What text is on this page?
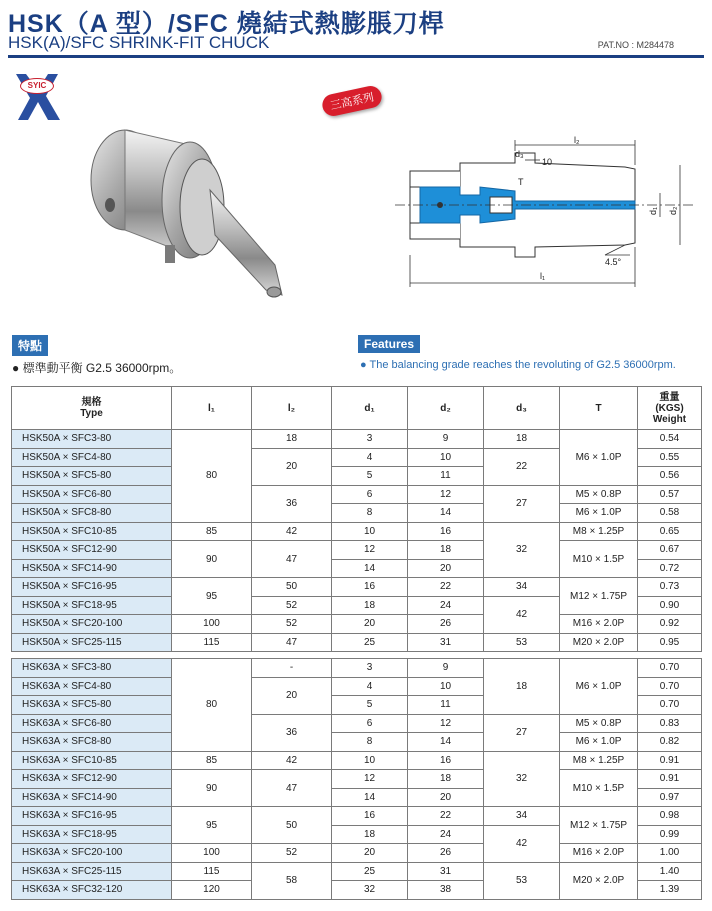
HSK（A 型）/SFC 燒結式熱膨脹刀桿
HSK(A)/SFC SHRINK-FIT CHUCK	PAT.NO : M284478
SYIC
三高系列
l₂
d₃
10
T
d₁ d₂
4.5°
l₁
特點	Features
● 標準動平衡 G2.5 36000rpm。	● The balancing grade reaches the revoluting of G2.5 36000rpm.
規格
Type	l₁	l₂	d₁	d₂	d₃	T	重量
(KGS)
Weight
HSK50A × SFC3-80	80	18	3	9	18	M6 × 1.0P	0.54
HSK50A × SFC4-80		20	4	10	22		0.55
HSK50A × SFC5-80			5	11			0.56
HSK50A × SFC6-80		36	6	12	27	M5 × 0.8P	0.57
HSK50A × SFC8-80			8	14		M6 × 1.0P	0.58
HSK50A × SFC10-85	85	42	10	16	32	M8 × 1.25P	0.65
HSK50A × SFC12-90	90	47	12	18		M10 × 1.5P	0.67
HSK50A × SFC14-90			14	20			0.72
HSK50A × SFC16-95	95	50	16	22	34	M12 × 1.75P	0.73
HSK50A × SFC18-95		52	18	24	42		0.90
HSK50A × SFC20-100	100	52	20	26		M16 × 2.0P	0.92
HSK50A × SFC25-115	115	47	25	31	53	M20 × 2.0P	0.95

HSK63A × SFC3-80	80	-	3	9	18	M6 × 1.0P	0.70
HSK63A × SFC4-80		20	4	10			0.70
HSK63A × SFC5-80			5	11			0.70
HSK63A × SFC6-80		36	6	12	27	M5 × 0.8P	0.83
HSK63A × SFC8-80			8	14		M6 × 1.0P	0.82
HSK63A × SFC10-85	85	42	10	16	32	M8 × 1.25P	0.91
HSK63A × SFC12-90	90	47	12	18		M10 × 1.5P	0.91
HSK63A × SFC14-90			14	20			0.97
HSK63A × SFC16-95	95	50	16	22	34	M12 × 1.75P	0.98
HSK63A × SFC18-95			18	24	42		0.99
HSK63A × SFC20-100	100	52	20	26		M16 × 2.0P	1.00
HSK63A × SFC25-115	115	58	25	31	53	M20 × 2.0P	1.40
HSK63A × SFC32-120	120		32	38			1.39
